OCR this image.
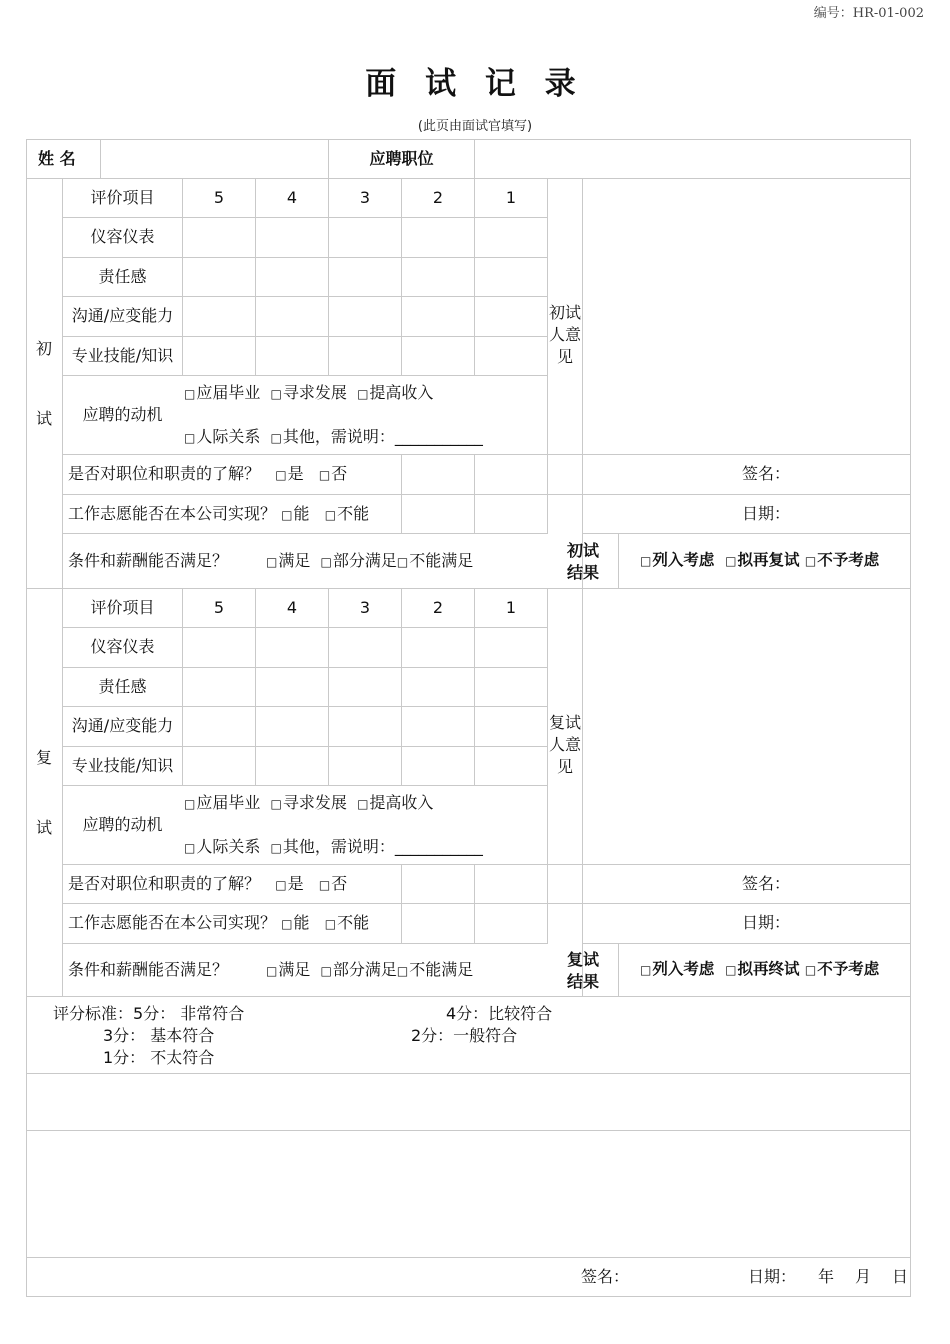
编号：HR-01-002
面 试 记 录
(此页由面试官填写)
姓 名	应聘职位
初
试
评价项目	5	4	3	2	1
仪容仪表
责任感
沟通/应变能力
专业技能/知识
应聘的动机
□应届毕业 □寻求发展 □提高收入
□人际关系 □其他，需说明：___________
是否对职位和职责的了解？ □是 □否
工作志愿能否在本公司实现？ □能 □不能
条件和薪酬能否满足？	□满足 □部分满足□不能满足
初试人意见
签名：
日期：
初试
结果
□列入考虑 □拟再复试 □不予考虑
复
试
评价项目	5	4	3	2	1
仪容仪表
责任感
沟通/应变能力
专业技能/知识
应聘的动机
□应届毕业 □寻求发展 □提高收入
□人际关系 □其他，需说明：___________
是否对职位和职责的了解？ □是 □否
工作志愿能否在本公司实现？ □能 □不能
条件和薪酬能否满足？	□满足 □部分满足□不能满足
复试人意见
签名：
日期：
复试
结果
□列入考虑 □拟再终试 □不予考虑
评分标准：5分： 非常符合	4分：比较符合
3分： 基本符合	2分：一般符合
1分： 不太符合
签名：	日期： 年 月 日
